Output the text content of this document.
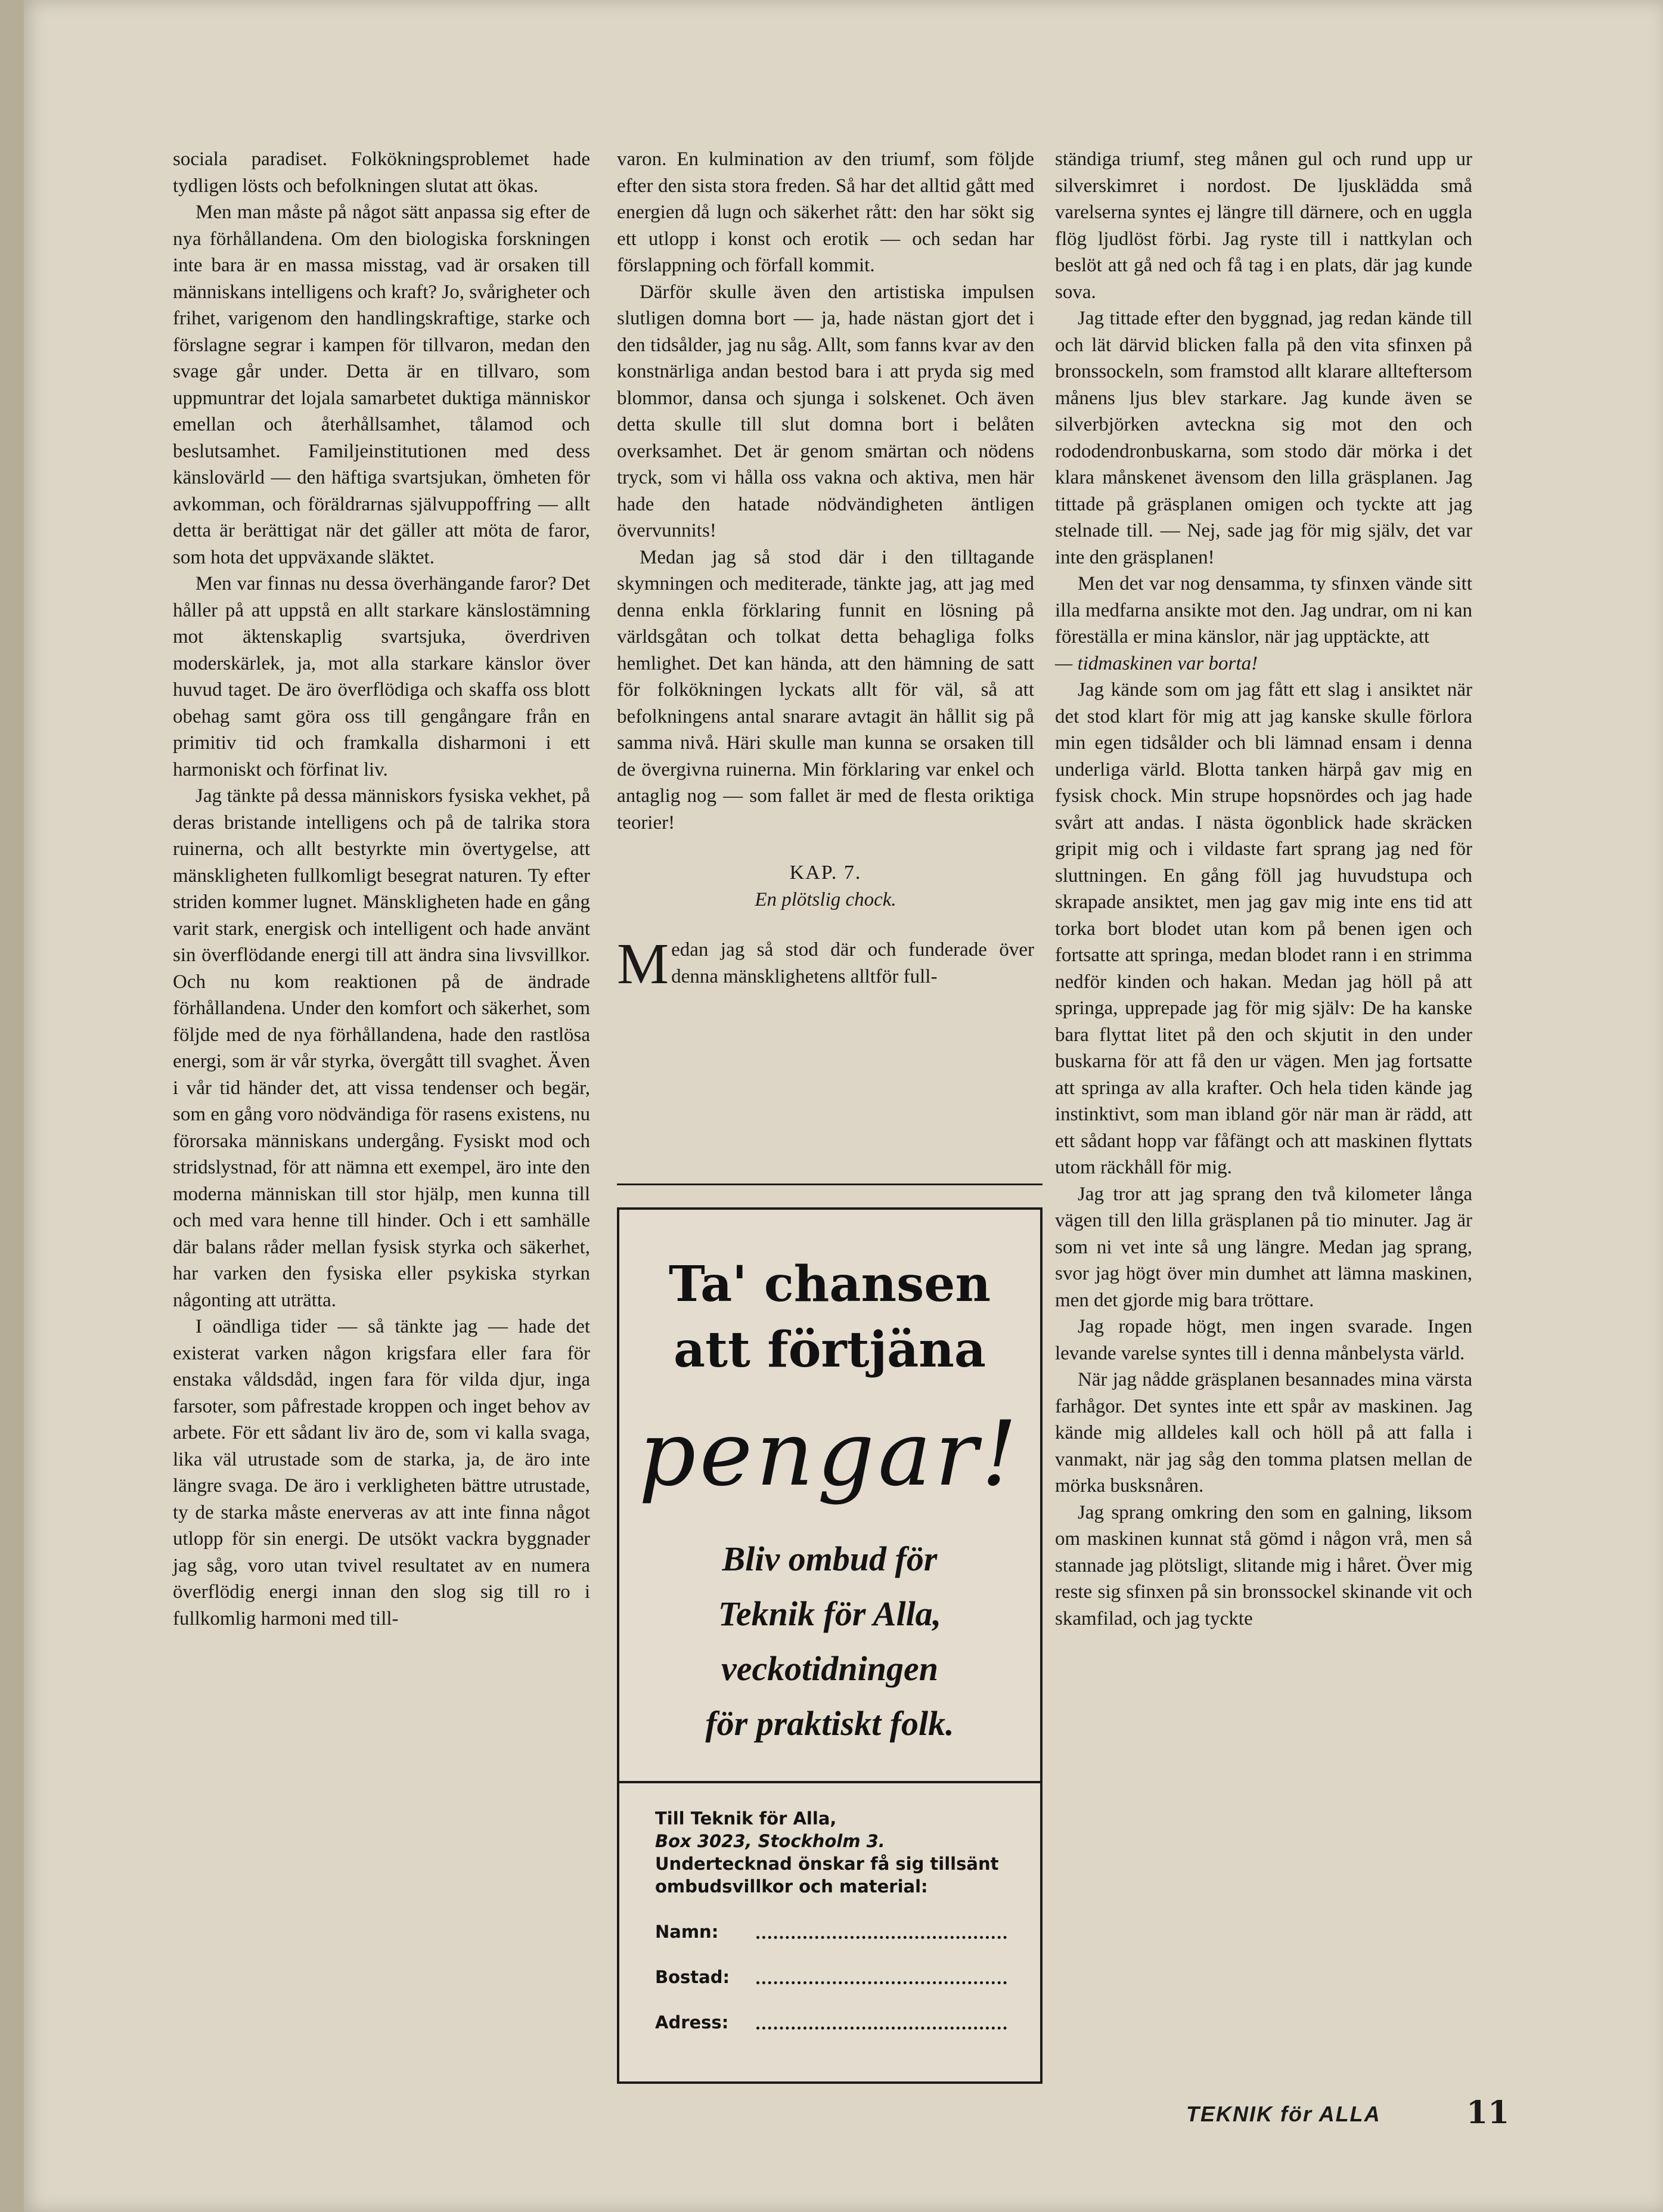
sociala paradiset. Folkökningsproblemet hade tydligen lösts och befolkningen slutat att ökas.

Men man måste på något sätt anpassa sig efter de nya förhållandena. Om den biologiska forskningen inte bara är en massa misstag, vad är orsaken till människans intelligens och kraft? Jo, svårigheter och frihet, varigenom den handlingskraftige, starke och förslagne segrar i kampen för tillvaron, medan den svage går under. Detta är en tillvaro, som uppmuntrar det lojala samarbetet duktiga människor emellan och återhållsamhet, tålamod och beslutsamhet. Familjeinstitutionen med dess känslovärld — den häftiga svartsjukan, ömheten för avkomman, och föräldrarnas självuppoffring — allt detta är berättigat när det gäller att möta de faror, som hota det uppväxande släktet.

Men var finnas nu dessa överhängande faror? Det håller på att uppstå en allt starkare känslostämning mot äktenskaplig svartsjuka, överdriven moderskärlek, ja, mot alla starkare känslor över huvud taget. De äro överflödiga och skaffa oss blott obehag samt göra oss till gengångare från en primitiv tid och framkalla disharmoni i ett harmoniskt och förfinat liv.

Jag tänkte på dessa människors fysiska vekhet, på deras bristande intelligens och på de talrika stora ruinerna, och allt bestyrkte min övertygelse, att mänskligheten fullkomligt besegrat naturen. Ty efter striden kommer lugnet. Mänskligheten hade en gång varit stark, energisk och intelligent och hade använt sin överflödande energi till att ändra sina livsvillkor. Och nu kom reaktionen på de ändrade förhållandena. Under den komfort och säkerhet, som följde med de nya förhållandena, hade den rastlösa energi, som är vår styrka, övergått till svaghet. Även i vår tid händer det, att vissa tendenser och begär, som en gång voro nödvändiga för rasens existens, nu förorsaka människans undergång. Fysiskt mod och stridslystnad, för att nämna ett exempel, äro inte den moderna människan till stor hjälp, men kunna till och med vara henne till hinder. Och i ett samhälle där balans råder mellan fysisk styrka och säkerhet, har varken den fysiska eller psykiska styrkan någonting att uträtta.

I oändliga tider — så tänkte jag — hade det existerat varken någon krigsfara eller fara för enstaka våldsdåd, ingen fara för vilda djur, inga farsoter, som påfrestade kroppen och inget behov av arbete. För ett sådant liv äro de, som vi kalla svaga, lika väl utrustade som de starka, ja, de äro inte längre svaga. De äro i verkligheten bättre utrustade, ty de starka måste enerveras av att inte finna något utlopp för sin energi. De utsökt vackra byggnader jag såg, voro utan tvivel resultatet av en numera överflödig energi innan den slog sig till ro i fullkomlig harmoni med till-

varon. En kulmination av den triumf, som följde efter den sista stora freden. Så har det alltid gått med energien då lugn och säkerhet rått: den har sökt sig ett utlopp i konst och erotik — och sedan har förslappning och förfall kommit.

Därför skulle även den artistiska impulsen slutligen domna bort — ja, hade nästan gjort det i den tidsålder, jag nu såg. Allt, som fanns kvar av den konstnärliga andan bestod bara i att pryda sig med blommor, dansa och sjunga i solskenet. Och även detta skulle till slut domna bort i belåten overksamhet. Det är genom smärtan och nödens tryck, som vi hålla oss vakna och aktiva, men här hade den hatade nödvändigheten äntligen övervunnits!

Medan jag så stod där i den tilltagande skymningen och mediterade, tänkte jag, att jag med denna enkla förklaring funnit en lösning på världsgåtan och tolkat detta behagliga folks hemlighet. Det kan hända, att den hämning de satt för folkökningen lyckats allt för väl, så att befolkningens antal snarare avtagit än hållit sig på samma nivå. Häri skulle man kunna se orsaken till de övergivna ruinerna. Min förklaring var enkel och antaglig nog — som fallet är med de flesta oriktiga teorier!

KAP. 7.
En plötslig chock.

Medan jag så stod där och funderade över denna mänsklighetens alltför full-

Ta' chansen
att förtjäna
pengar!
Bliv ombud för
Teknik för Alla,
veckotidningen
för praktiskt folk.
Till Teknik för Alla,
Box 3023, Stockholm 3.
Undertecknad önskar få sig tillsänt ombudsvillkor och material:
Namn:
Bostad:
Adress:

ständiga triumf, steg månen gul och rund upp ur silverskimret i nordost. De ljusklädda små varelserna syntes ej längre till därnere, och en uggla flög ljudlöst förbi. Jag ryste till i nattkylan och beslöt att gå ned och få tag i en plats, där jag kunde sova.

Jag tittade efter den byggnad, jag redan kände till och lät därvid blicken falla på den vita sfinxen på bronssockeln, som framstod allt klarare allteftersom månens ljus blev starkare. Jag kunde även se silverbjörken avteckna sig mot den och rododendronbuskarna, som stodo där mörka i det klara månskenet ävensom den lilla gräsplanen. Jag tittade på gräsplanen omigen och tyckte att jag stelnade till. — Nej, sade jag för mig själv, det var inte den gräsplanen!

Men det var nog densamma, ty sfinxen vände sitt illa medfarna ansikte mot den. Jag undrar, om ni kan föreställa er mina känslor, när jag upptäckte, att

— tidmaskinen var borta!

Jag kände som om jag fått ett slag i ansiktet när det stod klart för mig att jag kanske skulle förlora min egen tidsålder och bli lämnad ensam i denna underliga värld. Blotta tanken härpå gav mig en fysisk chock. Min strupe hopsnördes och jag hade svårt att andas. I nästa ögonblick hade skräcken gripit mig och i vildaste fart sprang jag ned för sluttningen. En gång föll jag huvudstupa och skrapade ansiktet, men jag gav mig inte ens tid att torka bort blodet utan kom på benen igen och fortsatte att springa, medan blodet rann i en strimma nedför kinden och hakan. Medan jag höll på att springa, upprepade jag för mig själv: De ha kanske bara flyttat litet på den och skjutit in den under buskarna för att få den ur vägen. Men jag fortsatte att springa av alla krafter. Och hela tiden kände jag instinktivt, som man ibland gör när man är rädd, att ett sådant hopp var fåfängt och att maskinen flyttats utom räckhåll för mig.

Jag tror att jag sprang den två kilometer långa vägen till den lilla gräsplanen på tio minuter. Jag är som ni vet inte så ung längre. Medan jag sprang, svor jag högt över min dumhet att lämna maskinen, men det gjorde mig bara tröttare.

Jag ropade högt, men ingen svarade. Ingen levande varelse syntes till i denna månbelysta värld.

När jag nådde gräsplanen besannades mina värsta farhågor. Det syntes inte ett spår av maskinen. Jag kände mig alldeles kall och höll på att falla i vanmakt, när jag såg den tomma platsen mellan de mörka busksnåren.

Jag sprang omkring den som en galning, liksom om maskinen kunnat stå gömd i någon vrå, men så stannade jag plötsligt, slitande mig i håret. Över mig reste sig sfinxen på sin bronssockel skinande vit och skamfilad, och jag tyckte

TEKNIK för ALLA	11
